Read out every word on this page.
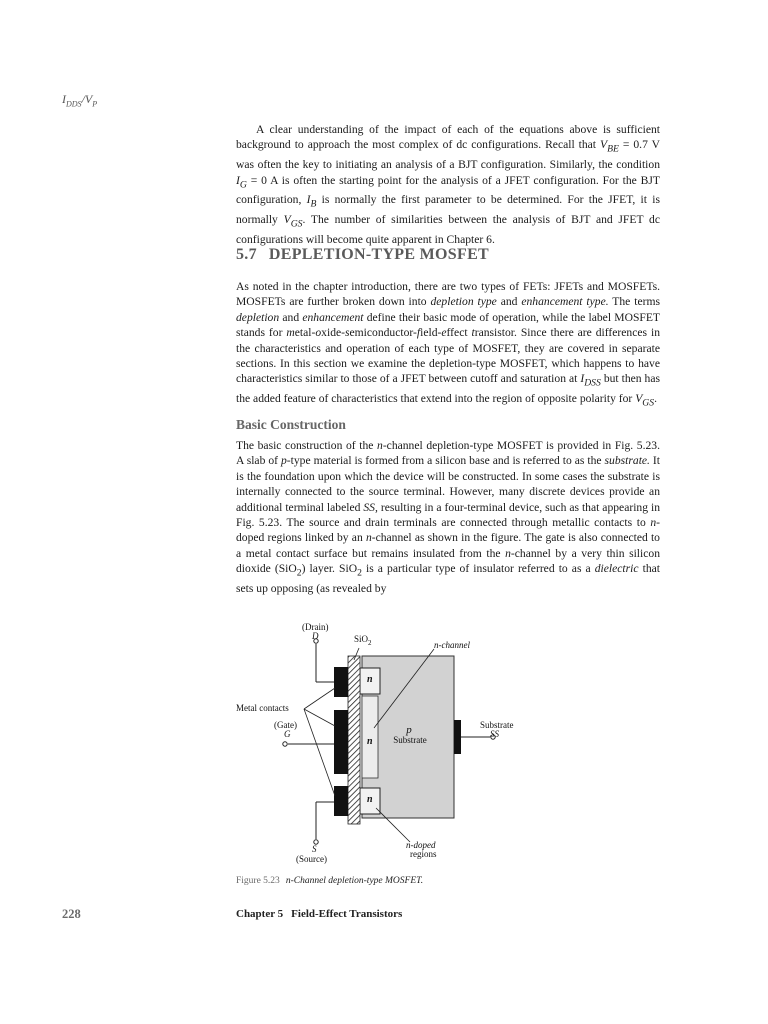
$I_{DDS}/V_P$

A clear understanding of the impact of each of the equations above is sufficient background to approach the most complex of dc configurations. Recall that $V_{BE} = 0.7$ V was often the key to initiating an analysis of a BJT configuration. Similarly, the condition $I_G = 0$ A is often the starting point for the analysis of a JFET configuration. For the BJT configuration, $I_B$ is normally the first parameter to be determined. For the JFET, it is normally $V_{GS}$. The number of similarities between the analysis of BJT and JFET dc configurations will become quite apparent in Chapter 6.

5.7 DEPLETION-TYPE MOSFET

As noted in the chapter introduction, there are two types of FETs: JFETs and MOSFETs. MOSFETs are further broken down into depletion type and enhancement type. The terms depletion and enhancement define their basic mode of operation, while the label MOSFET stands for metal-oxide-semiconductor-field-effect transistor. Since there are differences in the characteristics and operation of each type of MOSFET, they are covered in separate sections. In this section we examine the depletion-type MOSFET, which happens to have characteristics similar to those of a JFET between cutoff and saturation at $I_{DSS}$ but then has the added feature of characteristics that extend into the region of opposite polarity for $V_{GS}$.

Basic Construction

The basic construction of the n-channel depletion-type MOSFET is provided in Fig. 5.23. A slab of p-type material is formed from a silicon base and is referred to as the substrate. It is the foundation upon which the device will be constructed. In some cases the substrate is internally connected to the source terminal. However, many discrete devices provide an additional terminal labeled SS, resulting in a four-terminal device, such as that appearing in Fig. 5.23. The source and drain terminals are connected through metallic contacts to n-doped regions linked by an n-channel as shown in the figure. The gate is also connected to a metal contact surface but remains insulated from the n-channel by a very thin silicon dioxide (SiO$_2$) layer. SiO$_2$ is a particular type of insulator referred to as a dielectric that sets up opposing (as revealed by

(Drain)
D	SiO$_2$	n-channel
Metal contacts
(Gate)
G
n
n
n
p
Substrate
Substrate
SS
S
(Source)
n-doped
regions
Figure 5.23 n-Channel depletion-type MOSFET.
228	Chapter 5 Field-Effect Transistors
